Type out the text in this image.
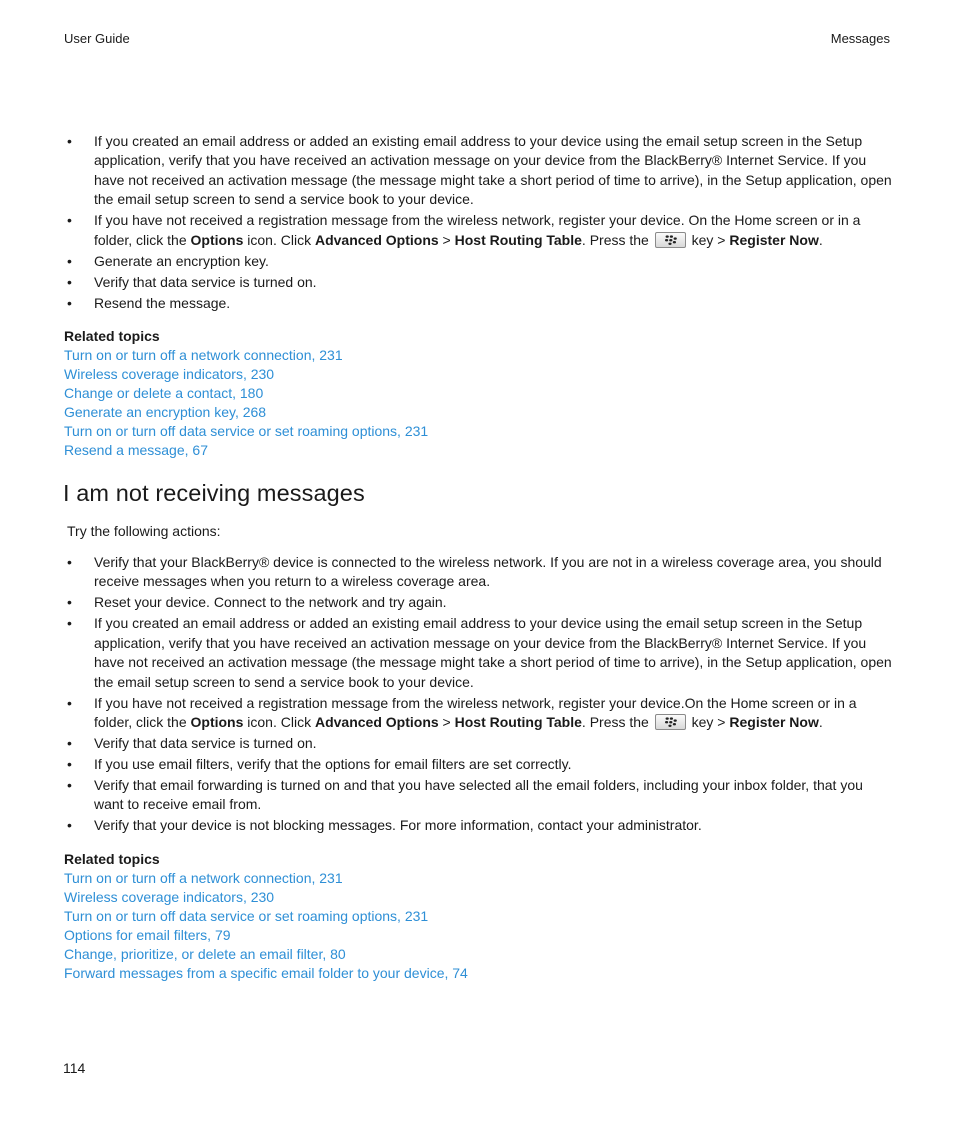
User Guide	Messages
• If you created an email address or added an existing email address to your device using the email setup screen in the Setup application, verify that you have received an activation message on your device from the BlackBerry® Internet Service. If you have not received an activation message (the message might take a short period of time to arrive), in the Setup application, open the email setup screen to send a service book to your device.
• If you have not received a registration message from the wireless network, register your device. On the Home screen or in a folder, click the Options icon. Click Advanced Options > Host Routing Table. Press the	key > Register Now.
• Generate an encryption key.
• Verify that data service is turned on.
• Resend the message.

Related topics

Turn on or turn off a network connection, 231
Wireless coverage indicators, 230
Change or delete a contact, 180
Generate an encryption key, 268
Turn on or turn off data service or set roaming options, 231
Resend a message, 67
I am not receiving messages
Try the following actions:
• Verify that your BlackBerry® device is connected to the wireless network. If you are not in a wireless coverage area, you should receive messages when you return to a wireless coverage area.
• Reset your device. Connect to the network and try again.
• If you created an email address or added an existing email address to your device using the email setup screen in the Setup application, verify that you have received an activation message on your device from the BlackBerry® Internet Service. If you have not received an activation message (the message might take a short period of time to arrive), in the Setup application, open the email setup screen to send a service book to your device.
• If you have not received a registration message from the wireless network, register your device.On the Home screen or in a folder, click the Options icon. Click Advanced Options > Host Routing Table. Press the	key > Register Now.
• Verify that data service is turned on.
• If you use email filters, verify that the options for email filters are set correctly.
• Verify that email forwarding is turned on and that you have selected all the email folders, including your inbox folder, that you want to receive email from.
• Verify that your device is not blocking messages. For more information, contact your administrator.

Related topics

Turn on or turn off a network connection, 231
Wireless coverage indicators, 230
Turn on or turn off data service or set roaming options, 231
Options for email filters, 79
Change, prioritize, or delete an email filter, 80
Forward messages from a specific email folder to your device, 74
114
